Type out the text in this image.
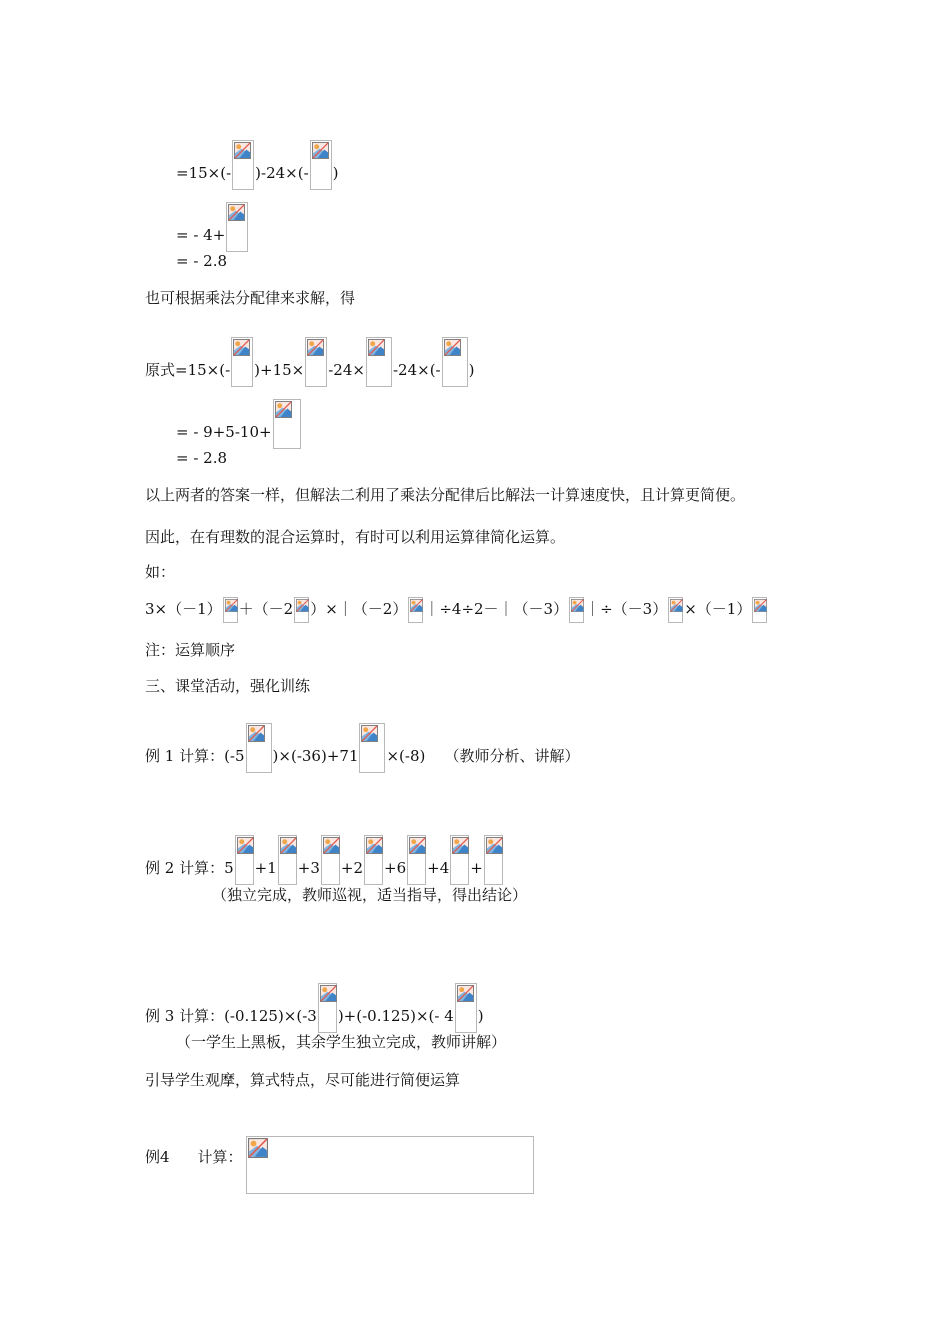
=15×(- )-24×(- )
= - 4+
= - 2.8
也可根据乘法分配律来求解，得
原式=15×(- )+15× -24× -24×(- )
= - 9+5-10+
= - 2.8
以上两者的答案一样，但解法二利用了乘法分配律后比解法一计算速度快，且计算更简便。
因此，在有理数的混合运算时，有时可以利用运算律简化运算。
如：
3×（－1） ＋（－2 ）×｜（－2） ｜÷4÷2－｜（－3） ｜÷（－3） ×（－1）
注：运算顺序
三、课堂活动，强化训练
例 1 计算：(-5 )×(-36)+71 ×(-8)    （教师分析、讲解）
例 2 计算：5 +1 +3 +2 +6 +4 +
（独立完成，教师巡视，适当指导，得出结论）
例 3 计算：(-0.125)×(-3 )+(-0.125)×(- 4 )
（一学生上黑板，其余学生独立完成，教师讲解）
引导学生观摩，算式特点，尽可能进行简便运算
例4 计算：
